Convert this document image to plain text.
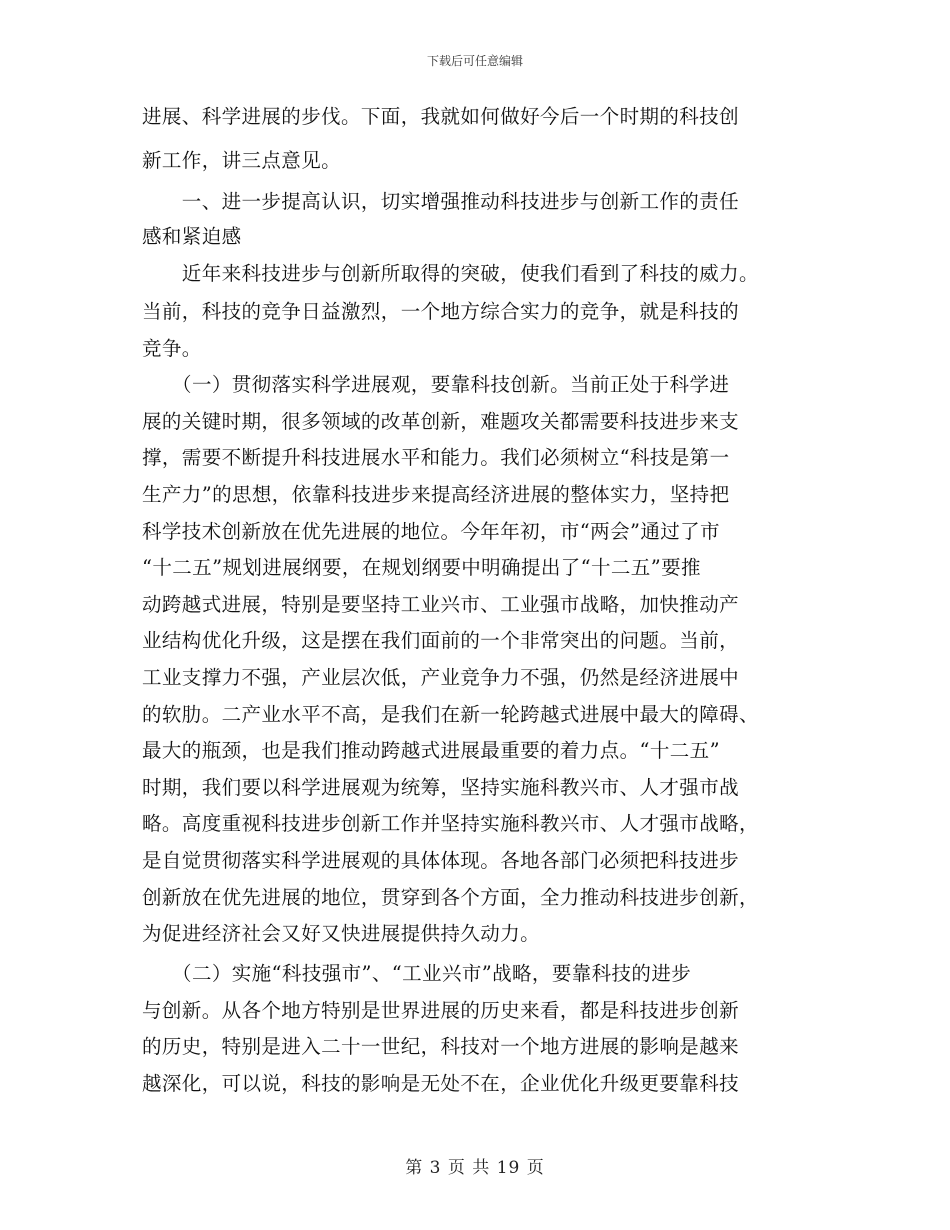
下载后可任意编辑
进展、科学进展的步伐。下面，我就如何做好今后一个时期的科技创
新工作，讲三点意见。
　　一、进一步提高认识，切实增强推动科技进步与创新工作的责任
感和紧迫感
　　近年来科技进步与创新所取得的突破，使我们看到了科技的威力。
当前，科技的竞争日益激烈，一个地方综合实力的竞争，就是科技的
竞争。
　　（一）贯彻落实科学进展观，要靠科技创新。当前正处于科学进
展的关键时期，很多领域的改革创新，难题攻关都需要科技进步来支
撑，需要不断提升科技进展水平和能力。我们必须树立“科技是第一
生产力”的思想，依靠科技进步来提高经济进展的整体实力，坚持把
科学技术创新放在优先进展的地位。今年年初，市“两会”通过了市
“十二五”规划进展纲要，在规划纲要中明确提出了“十二五”要推
动跨越式进展，特别是要坚持工业兴市、工业强市战略，加快推动产
业结构优化升级，这是摆在我们面前的一个非常突出的问题。当前，
工业支撑力不强，产业层次低，产业竞争力不强，仍然是经济进展中
的软肋。二产业水平不高，是我们在新一轮跨越式进展中最大的障碍、
最大的瓶颈，也是我们推动跨越式进展最重要的着力点。“十二五”
时期，我们要以科学进展观为统筹，坚持实施科教兴市、人才强市战
略。高度重视科技进步创新工作并坚持实施科教兴市、人才强市战略，
是自觉贯彻落实科学进展观的具体体现。各地各部门必须把科技进步
创新放在优先进展的地位，贯穿到各个方面，全力推动科技进步创新，
为促进经济社会又好又快进展提供持久动力。
　　（二）实施“科技强市”、“工业兴市”战略，要靠科技的进步
与创新。从各个地方特别是世界进展的历史来看，都是科技进步创新
的历史，特别是进入二十一世纪，科技对一个地方进展的影响是越来
越深化，可以说，科技的影响是无处不在，企业优化升级更要靠科技
第 3 页 共 19 页
